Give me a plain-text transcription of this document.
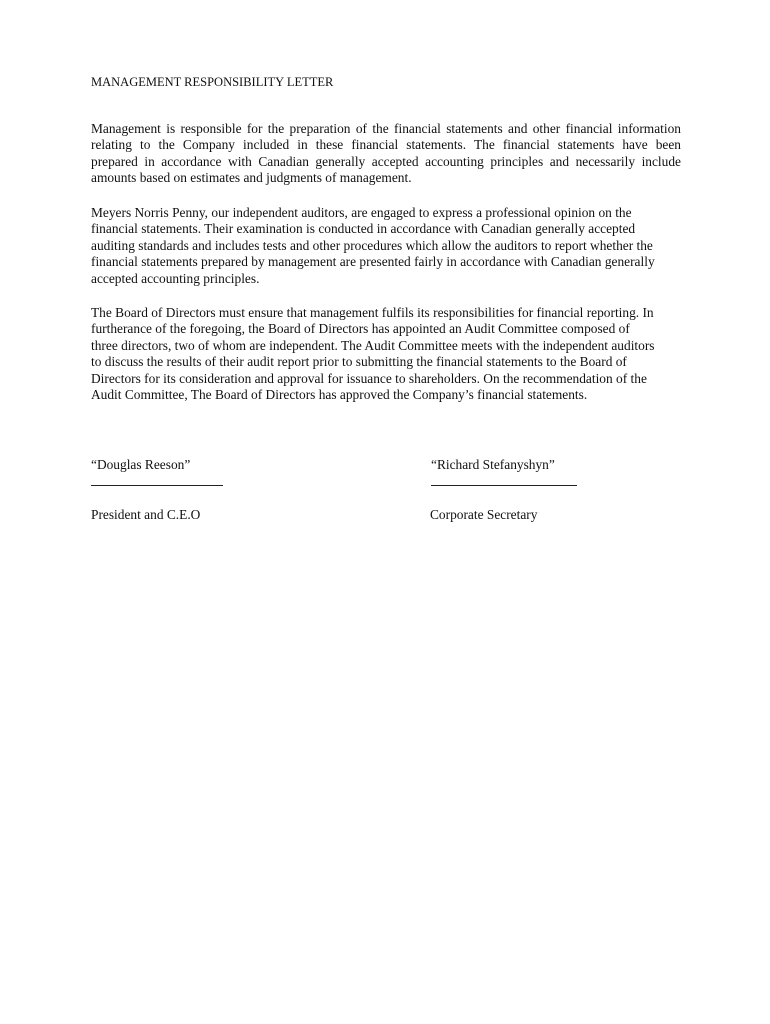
MANAGEMENT RESPONSIBILITY LETTER

Management is responsible for the preparation of the financial statements and other financial information
relating to the Company included in these financial statements. The financial statements have been
prepared in accordance with Canadian generally accepted accounting principles and necessarily include
amounts based on estimates and judgments of management.

Meyers Norris Penny, our independent auditors, are engaged to express a professional opinion on the
financial statements. Their examination is conducted in accordance with Canadian generally accepted
auditing standards and includes tests and other procedures which allow the auditors to report whether the
financial statements prepared by management are presented fairly in accordance with Canadian generally
accepted accounting principles.

The Board of Directors must ensure that management fulfils its responsibilities for financial reporting. In
furtherance of the foregoing, the Board of Directors has appointed an Audit Committee composed of
three directors, two of whom are independent. The Audit Committee meets with the independent auditors
to discuss the results of their audit report prior to submitting the financial statements to the Board of
Directors for its consideration and approval for issuance to shareholders. On the recommendation of the
Audit Committee, The Board of Directors has approved the Company’s financial statements.

“Douglas Reeson”
President and C.E.O
“Richard Stefanyshyn”
Corporate Secretary
